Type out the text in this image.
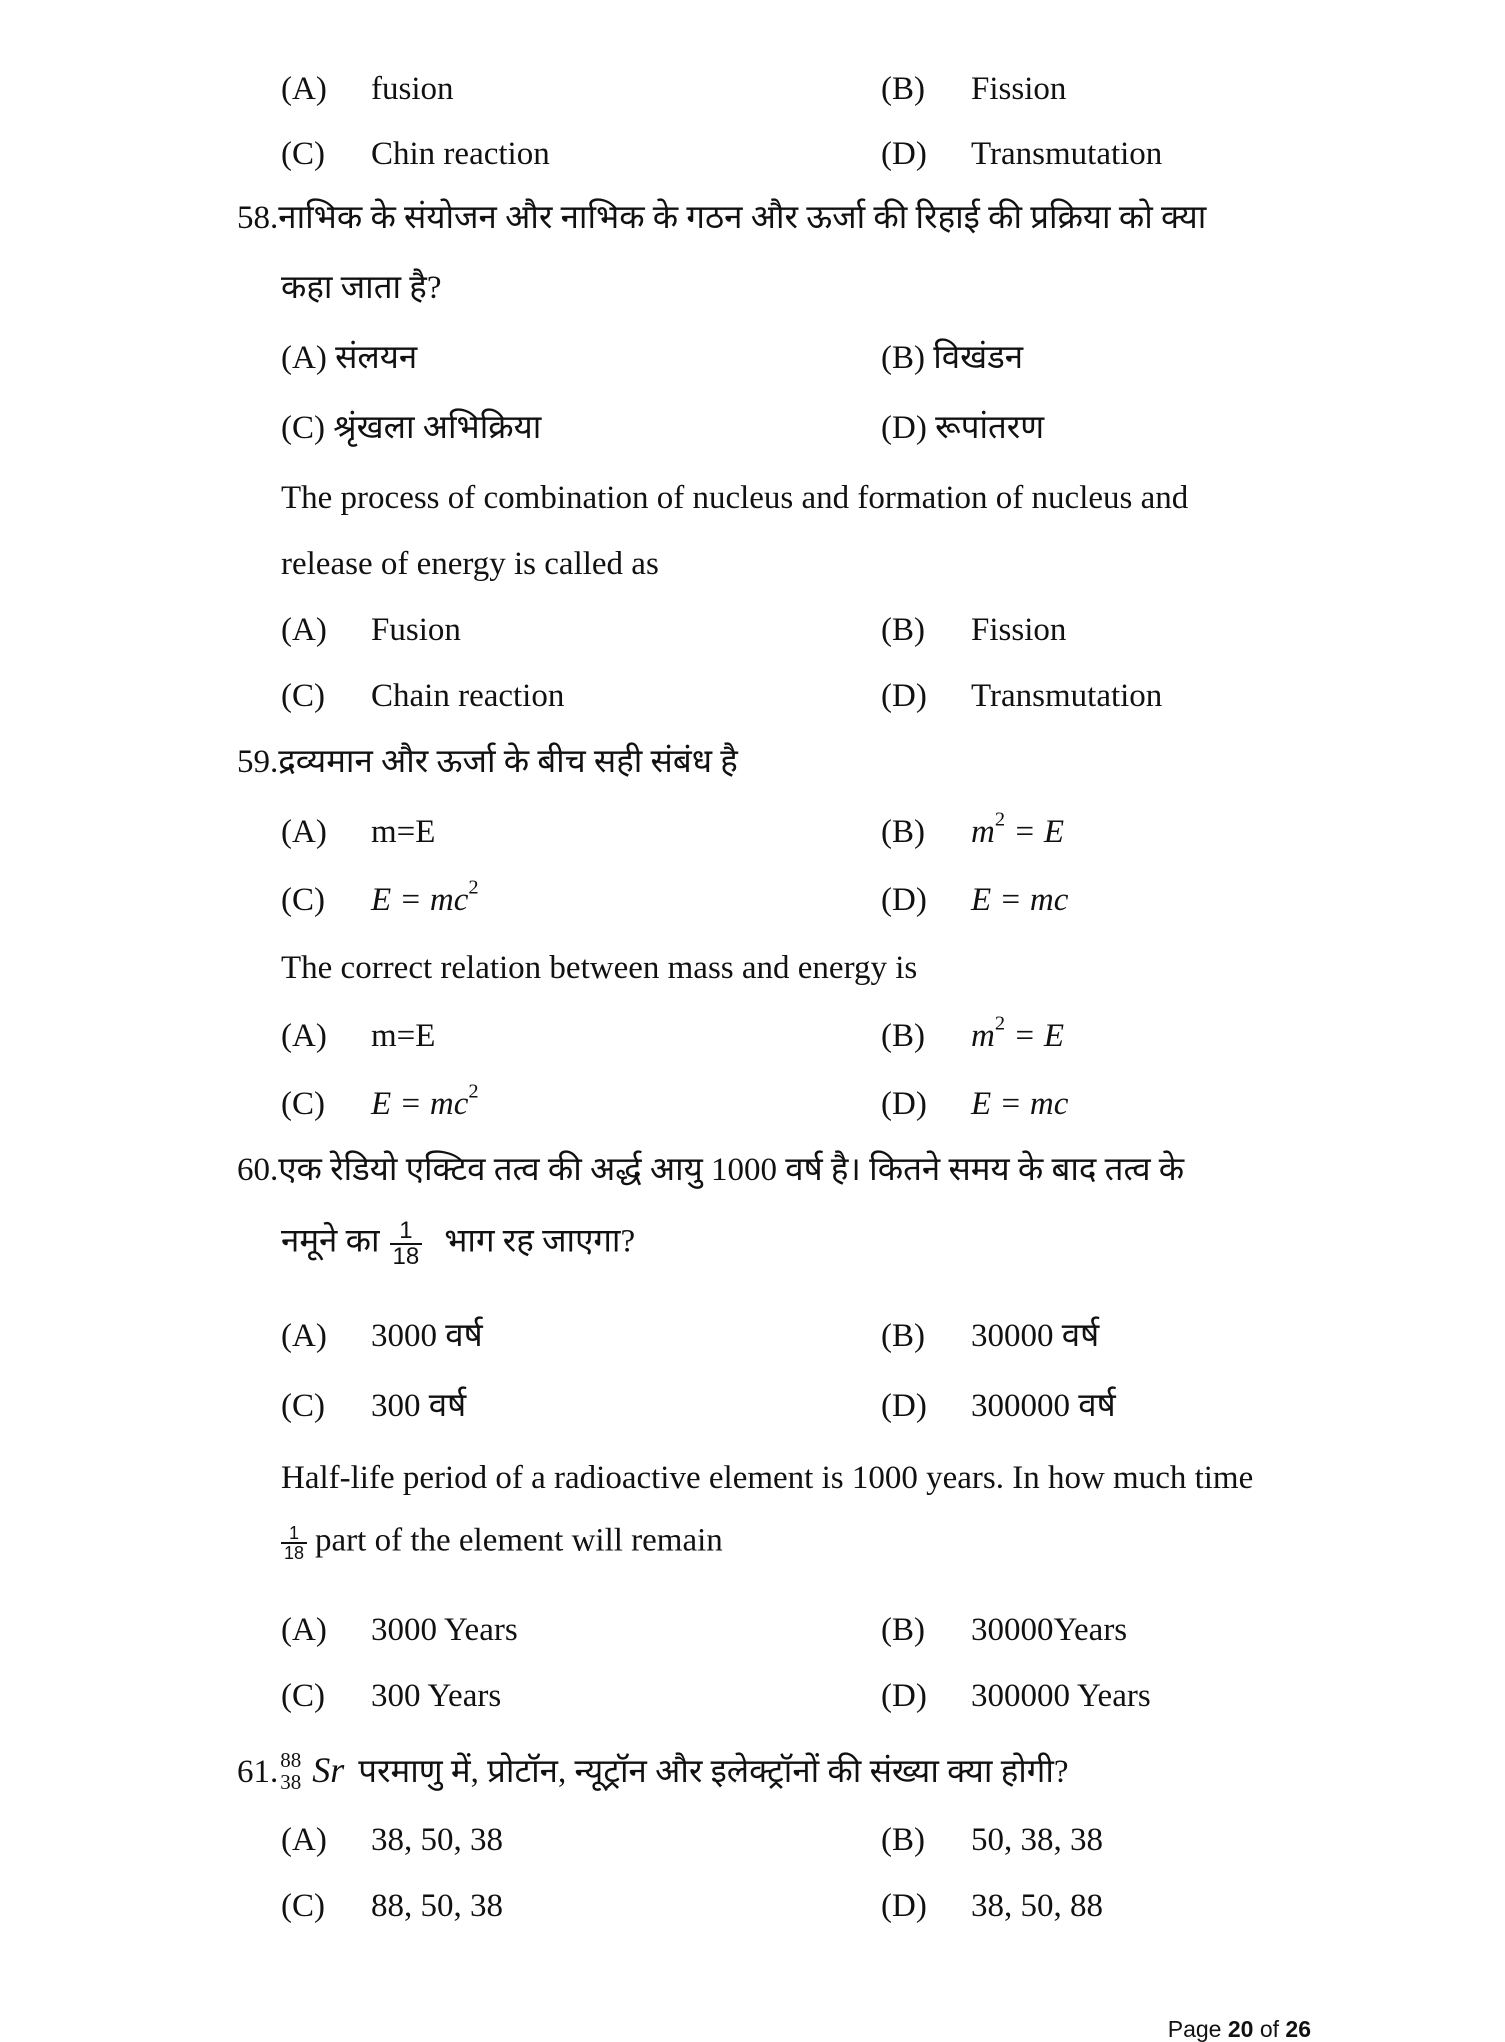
(A) fusion	(B) Fission
(C) Chin reaction	(D) Transmutation
58.नाभिक के संयोजन और नाभिक के गठन और ऊर्जा की रिहाई की प्रक्रिया को क्या
कहा जाता है?
(A) संलयन	(B) विखंडन
(C) श्रृंखला अभिक्रिया	(D) रूपांतरण
The process of combination of nucleus and formation of nucleus and
release of energy is called as
(A) Fusion	(B) Fission
(C) Chain reaction	(D) Transmutation
59.द्रव्यमान और ऊर्जा के बीच सही संबंध है
(A) m=E	(B) $m^2 = E$
(C) $E = mc^2$	(D) E = mc
The correct relation between mass and energy is
(A) m=E	(B) $m^2 = E$
(C) $E = mc^2$	(D) E = mc
60.एक रेडियो एक्टिव तत्व की अर्द्ध आयु 1000 वर्ष है। कितने समय के बाद तत्व के
नमूने का $\frac{1}{18}$ भाग रह जाएगा?
(A) 3000 वर्ष	(B) 30000 वर्ष
(C) 300 वर्ष	(D) 300000 वर्ष
Half-life period of a radioactive element is 1000 years. In how much time
$\frac{1}{18}$ part of the element will remain
(A) 3000 Years	(B) 30000Years
(C) 300 Years	(D) 300000 Years
61. 88
38 Sr परमाणु में, प्रोटॉन, न्यूट्रॉन और इलेक्ट्रॉनों की संख्या क्या होगी?
(A) 38, 50, 38	(B) 50, 38, 38
(C) 88, 50, 38	(D) 38, 50, 88
Page 20 of 26
